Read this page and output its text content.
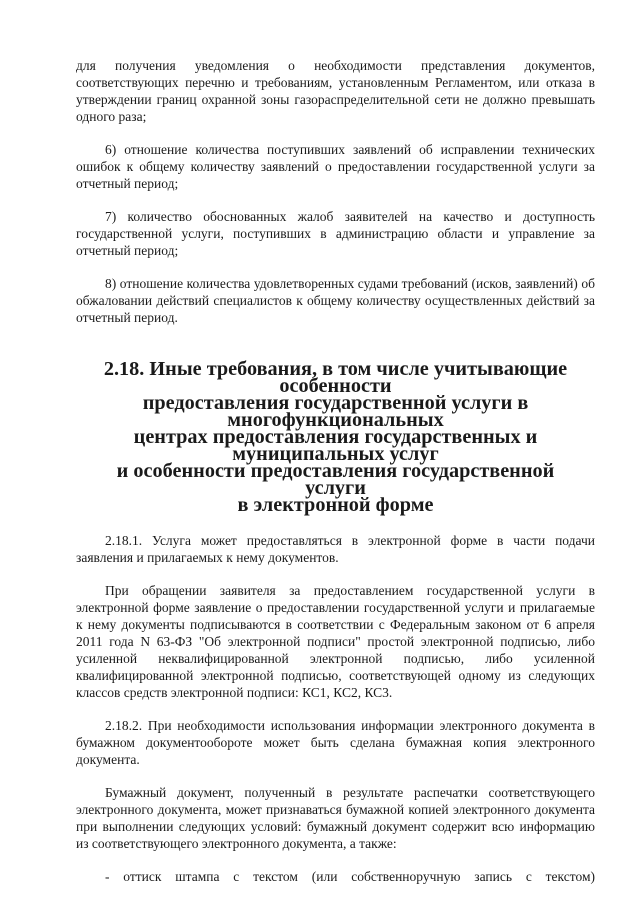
для получения уведомления о необходимости представления документов, соответствующих перечню и требованиям, установленным Регламентом, или отказа в утверждении границ охранной зоны газораспределительной сети не должно превышать одного раза;

6) отношение количества поступивших заявлений об исправлении технических ошибок к общему количеству заявлений о предоставлении государственной услуги за отчетный период;

7) количество обоснованных жалоб заявителей на качество и доступность государственной услуги, поступивших в администрацию области и управление за отчетный период;

8) отношение количества удовлетворенных судами требований (исков, заявлений) об обжаловании действий специалистов к общему количеству осуществленных действий за отчетный период.

2.18. Иные требования, в том числе учитывающие особенности
предоставления государственной услуги в многофункциональных
центрах предоставления государственных и муниципальных услуг
и особенности предоставления государственной услуги
в электронной форме

2.18.1. Услуга может предоставляться в электронной форме в части подачи заявления и прилагаемых к нему документов.

При обращении заявителя за предоставлением государственной услуги в электронной форме заявление о предоставлении государственной услуги и прилагаемые к нему документы подписываются в соответствии с Федеральным законом от 6 апреля 2011 года N 63-ФЗ "Об электронной подписи" простой электронной подписью, либо усиленной неквалифицированной электронной подписью, либо усиленной квалифицированной электронной подписью, соответствующей одному из следующих классов средств электронной подписи: КС1, КС2, КС3.

2.18.2. При необходимости использования информации электронного документа в бумажном документообороте может быть сделана бумажная копия электронного документа.

Бумажный документ, полученный в результате распечатки соответствующего электронного документа, может признаваться бумажной копией электронного документа при выполнении следующих условий: бумажный документ содержит всю информацию из соответствующего электронного документа, а также:

- оттиск штампа с текстом (или собственноручную запись с текстом)
